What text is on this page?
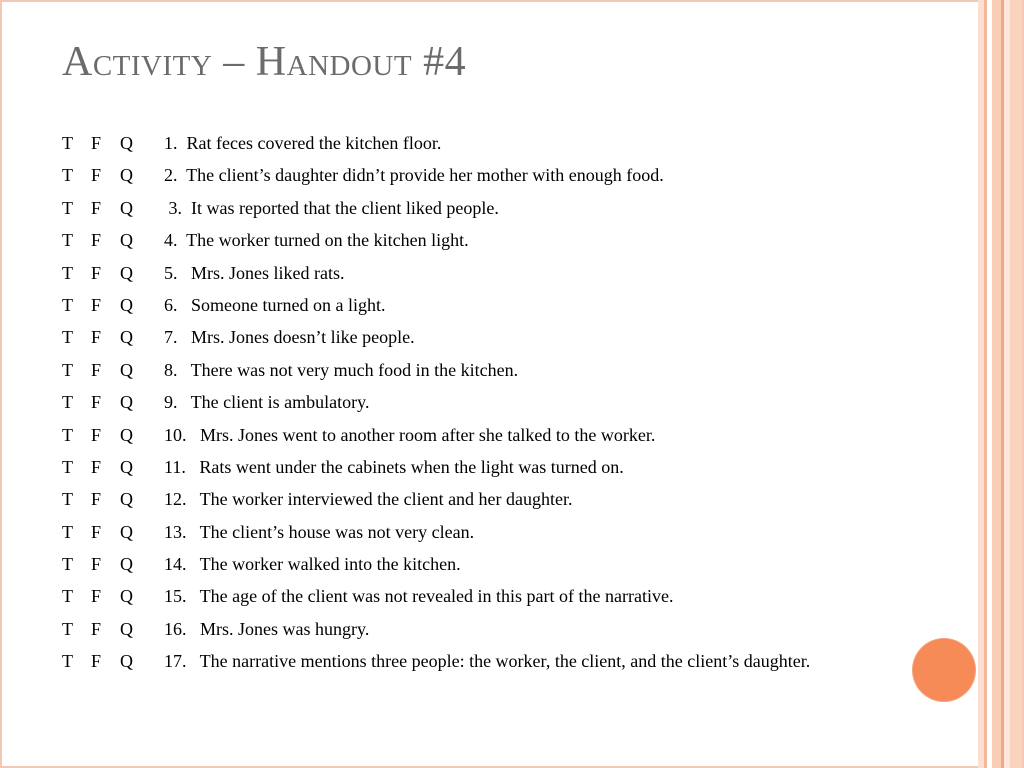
Activity – Handout #4
T	F	Q	1.  Rat feces covered the kitchen floor.
T	F	Q	2.  The client’s daughter didn’t provide her mother with enough food.
T	F	Q	3.  It was reported that the client liked people.
T	F	Q	4.  The worker turned on the kitchen light.
T	F	Q	5.   Mrs. Jones liked rats.
T	F	Q	6.   Someone turned on a light.
T	F	Q	7.   Mrs. Jones doesn’t like people.
T	F	Q	8.   There was not very much food in the kitchen.
T	F	Q	9.   The client is ambulatory.
T	F	Q	10.   Mrs. Jones went to another room after she talked to the worker.
T	F	Q	11.   Rats went under the cabinets when the light was turned on.
T	F	Q	12.   The worker interviewed the client and her daughter.
T	F	Q	13.   The client’s house was not very clean.
T	F	Q	14.   The worker walked into the kitchen.
T	F	Q	15.   The age of the client was not revealed in this part of the narrative.
T	F	Q	16.   Mrs. Jones was hungry.
T	F	Q	17.   The narrative mentions three people: the worker, the client, and the client’s daughter.
